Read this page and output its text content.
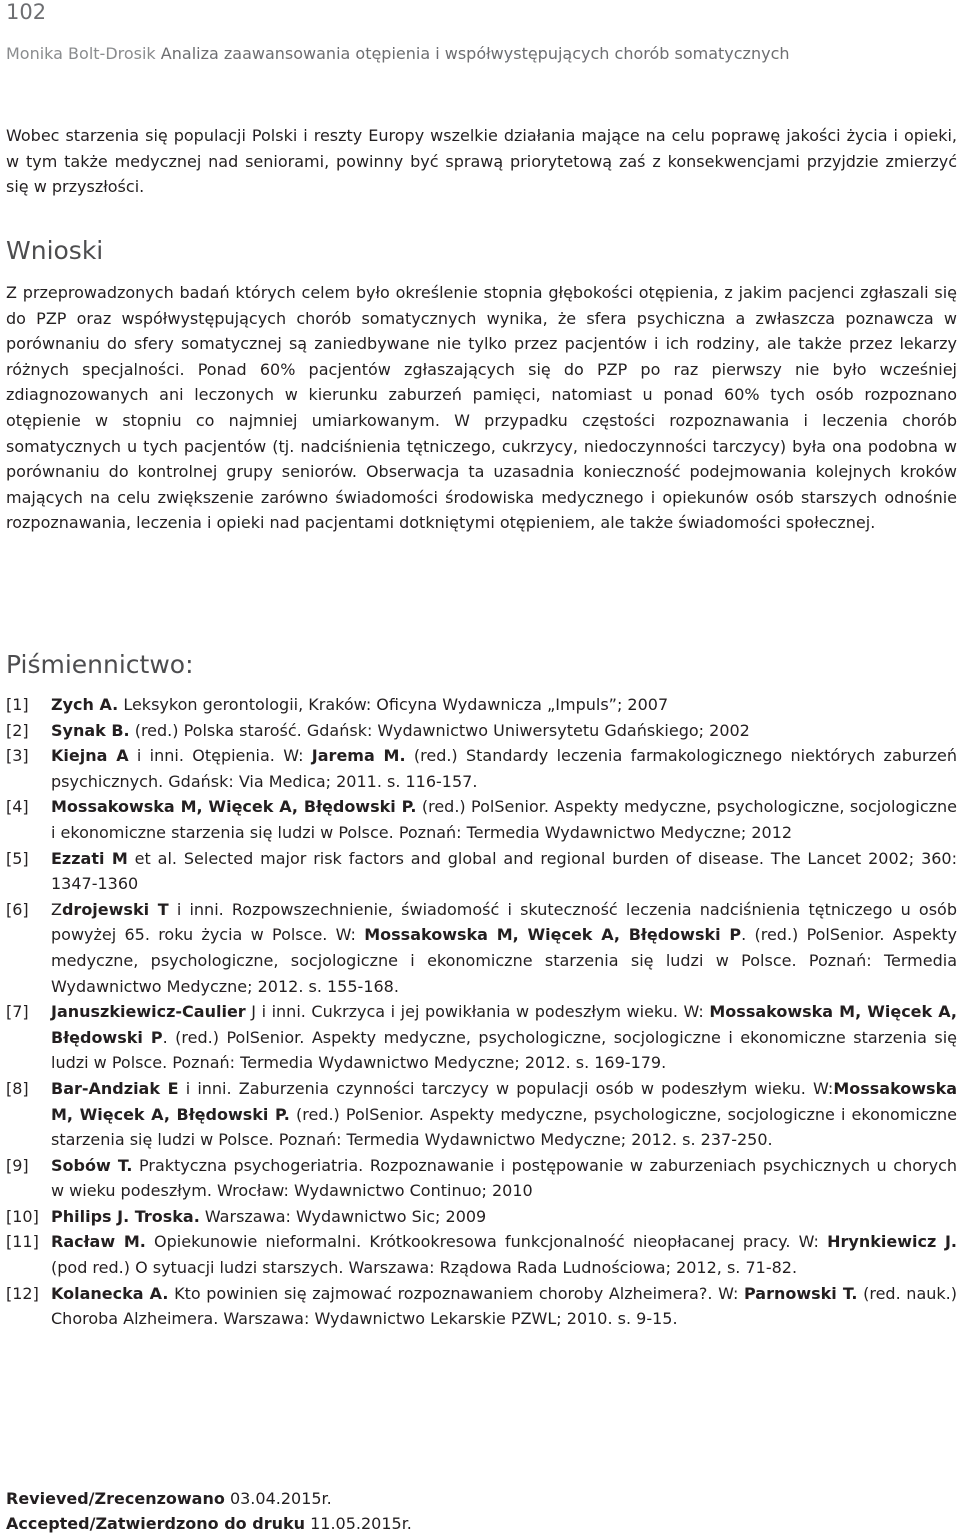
102
Monika Bolt-Drosik Analiza zaawansowania otępienia i współwystępujących chorób somatycznych

Wobec starzenia się populacji Polski i reszty Europy wszelkie działania mające na celu poprawę jakości życia i opieki, w tym także medycznej nad seniorami, powinny być sprawą priorytetową zaś z konsekwencjami przyjdzie zmierzyć się w przyszłości.

Wnioski

Z przeprowadzonych badań których celem było określenie stopnia głębokości otępienia, z jakim pacjenci zgłaszali się do PZP oraz współwystępujących chorób somatycznych wynika, że sfera psychiczna a zwłaszcza poznawcza w porównaniu do sfery somatycznej są zaniedbywane nie tylko przez pacjentów i ich rodziny, ale także przez lekarzy różnych specjalności. Ponad 60% pacjentów zgłaszających się do PZP po raz pierwszy nie było wcześniej zdiagnozowanych ani leczonych w kierunku zaburzeń pamięci, natomiast u ponad 60% tych osób rozpoznano otępienie w stopniu co najmniej umiarkowanym. W przypadku częstości rozpoznawania i leczenia chorób somatycznych u tych pacjentów (tj. nadciśnienia tętniczego, cukrzycy, niedoczynności tarczycy) była ona podobna w porównaniu do kontrolnej grupy seniorów. Obserwacja ta uzasadnia konieczność podejmowania kolejnych kroków mających na celu zwiększenie zarówno świadomości środowiska medycznego i opiekunów osób starszych odnośnie rozpoznawania, leczenia i opieki nad pacjentami dotkniętymi otępieniem, ale także świadomości społecznej.

Piśmiennictwo:
[1] Zych A. Leksykon gerontologii, Kraków: Oficyna Wydawnicza „Impuls”; 2007
[2] Synak B. (red.) Polska starość. Gdańsk: Wydawnictwo Uniwersytetu Gdańskiego; 2002
[3] Kiejna A i inni. Otępienia. W: Jarema M. (red.) Standardy leczenia farmakologicznego niektórych zaburzeń psychicznych. Gdańsk: Via Medica; 2011. s. 116-157.
[4] Mossakowska M, Więcek A, Błędowski P. (red.) PolSenior. Aspekty medyczne, psychologiczne, socjologiczne i ekonomiczne starzenia się ludzi w Polsce. Poznań: Termedia Wydawnictwo Medyczne; 2012
[5] Ezzati M et al. Selected major risk factors and global and regional burden of disease. The Lancet 2002; 360: 1347-1360
[6] Zdrojewski T i inni. Rozpowszechnienie, świadomość i skuteczność leczenia nadciśnienia tętniczego u osób powyżej 65. roku życia w Polsce. W: Mossakowska M, Więcek A, Błędowski P. (red.) PolSenior. Aspekty medyczne, psychologiczne, socjologiczne i ekonomiczne starzenia się ludzi w Polsce. Poznań: Termedia Wydawnictwo Medyczne; 2012. s. 155-168.
[7] Januszkiewicz-Caulier J i inni. Cukrzyca i jej powikłania w podeszłym wieku. W: Mossakowska M, Więcek A, Błędowski P. (red.) PolSenior. Aspekty medyczne, psychologiczne, socjologiczne i ekonomiczne starzenia się ludzi w Polsce. Poznań: Termedia Wydawnictwo Medyczne; 2012. s. 169-179.
[8] Bar-Andziak E i inni. Zaburzenia czynności tarczycy w populacji osób w podeszłym wieku. W:Mossakowska M, Więcek A, Błędowski P. (red.) PolSenior. Aspekty medyczne, psychologiczne, socjologiczne i ekonomiczne starzenia się ludzi w Polsce. Poznań: Termedia Wydawnictwo Medyczne; 2012. s. 237-250.
[9] Sobów T. Praktyczna psychogeriatria. Rozpoznawanie i postępowanie w zaburzeniach psychicznych u chorych w wieku podeszłym. Wrocław: Wydawnictwo Continuo; 2010
[10] Philips J. Troska. Warszawa: Wydawnictwo Sic; 2009
[11] Racław M. Opiekunowie nieformalni. Krótkookresowa funkcjonalność nieopłacanej pracy. W: Hrynkiewicz J. (pod red.) O sytuacji ludzi starszych. Warszawa: Rządowa Rada Ludnościowa; 2012, s. 71-82.
[12] Kolanecka A. Kto powinien się zajmować rozpoznawaniem choroby Alzheimera?. W: Parnowski T. (red. nauk.) Choroba Alzheimera. Warszawa: Wydawnictwo Lekarskie PZWL; 2010. s. 9-15.
Revieved/Zrecenzowano 03.04.2015r.
Accepted/Zatwierdzono do druku 11.05.2015r.
